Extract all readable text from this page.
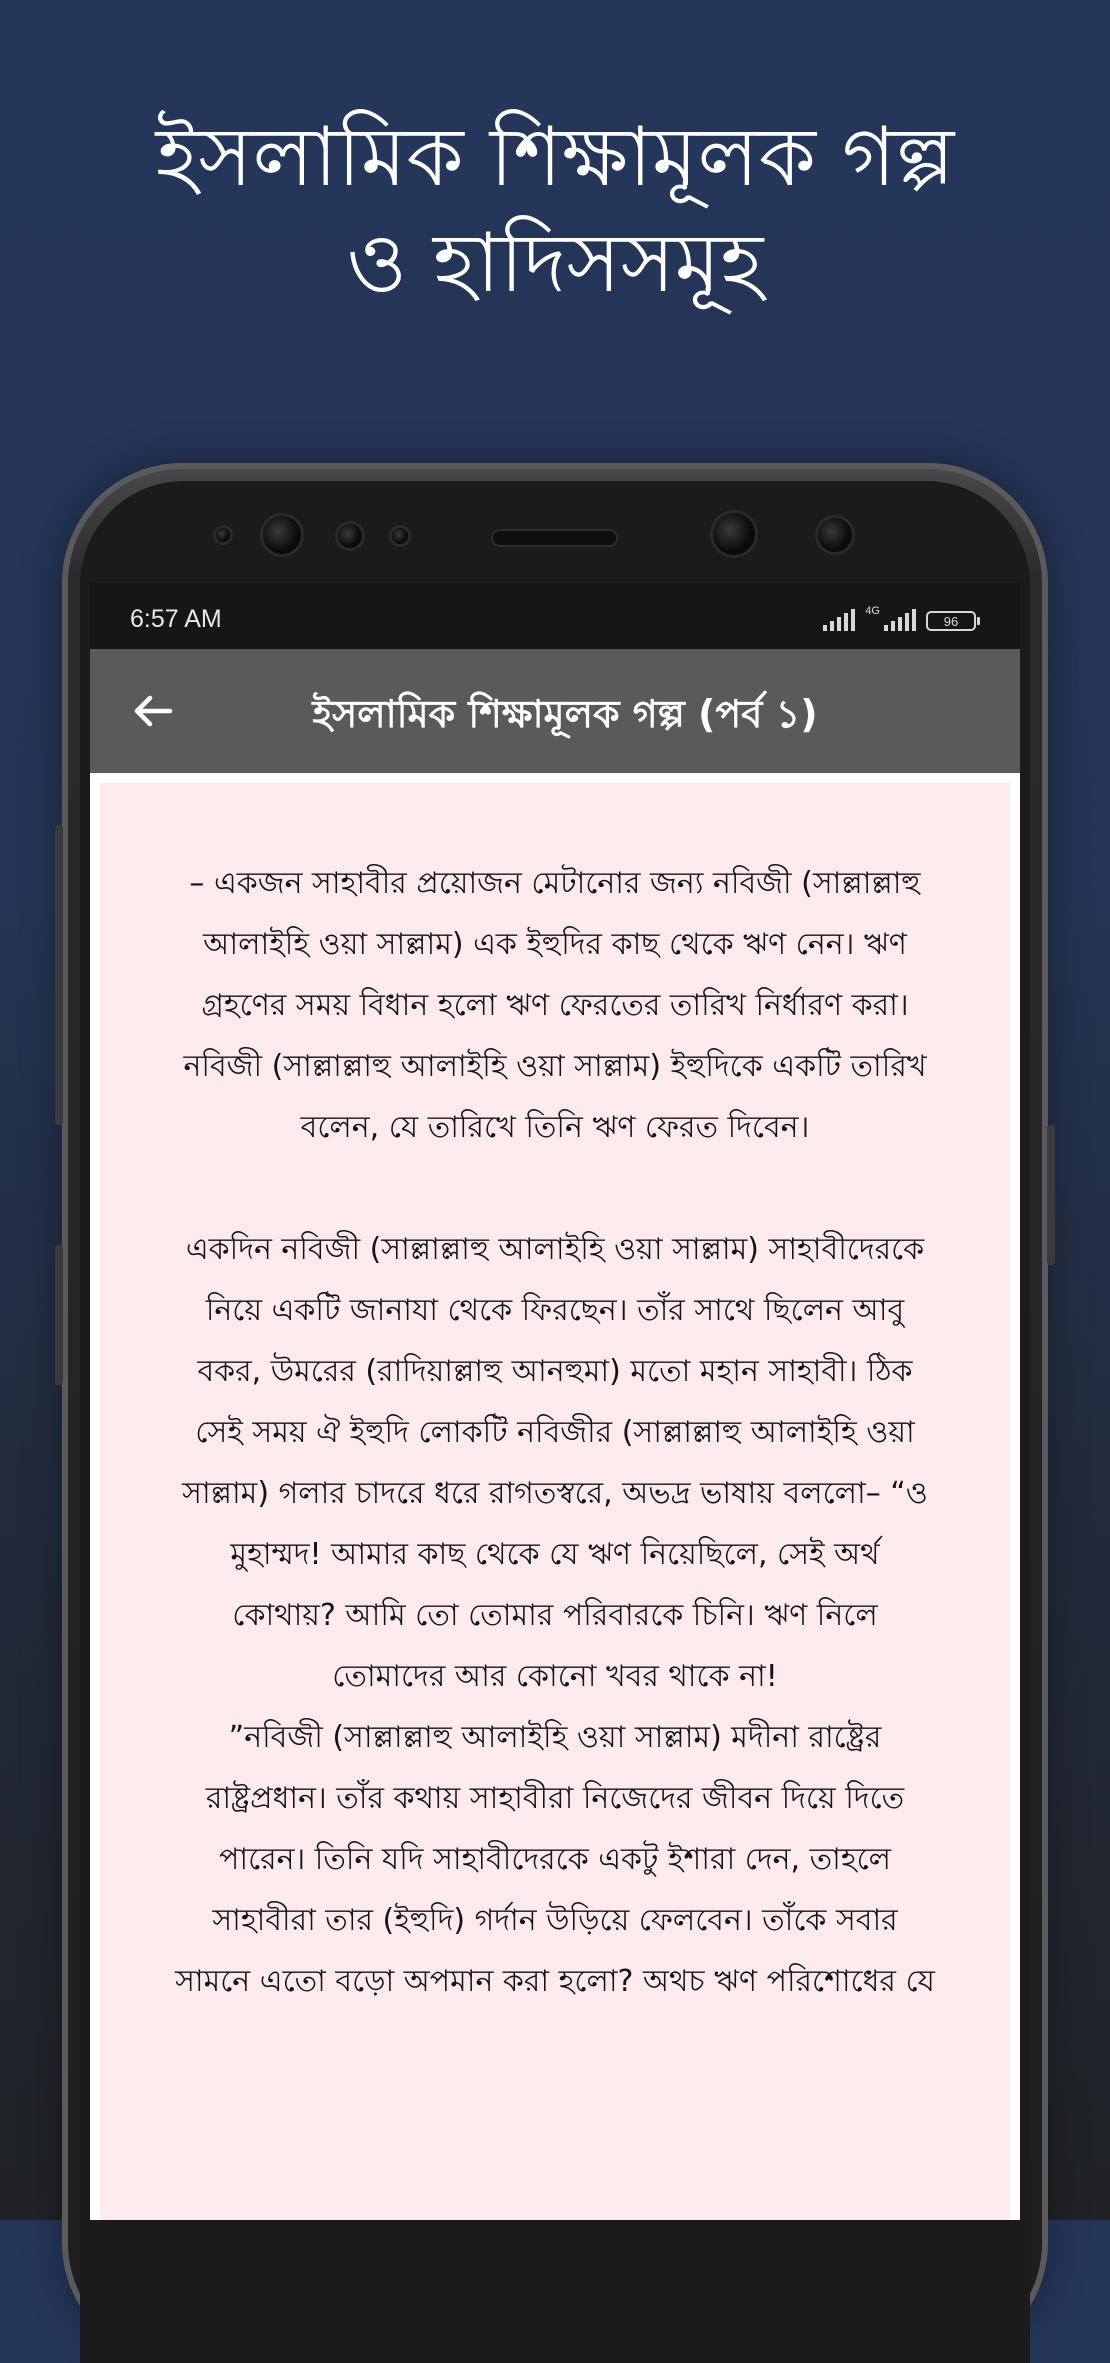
ইসলামিক শিক্ষামূলক গল্প
ও হাদিসসমূহ
6:57 AM	4G
96
ইসলামিক শিক্ষামূলক গল্প (পর্ব ১)

– একজন সাহাবীর প্রয়োজন মেটানোর জন্য নবিজী (সাল্লাল্লাহু আলাইহি ওয়া সাল্লাম) এক ইহুদির কাছ থেকে ঋণ নেন। ঋণ গ্রহণের সময় বিধান হলো ঋণ ফেরতের তারিখ নির্ধারণ করা। নবিজী (সাল্লাল্লাহু আলাইহি ওয়া সাল্লাম) ইহুদিকে একটি তারিখ বলেন, যে তারিখে তিনি ঋণ ফেরত দিবেন।

একদিন নবিজী (সাল্লাল্লাহু আলাইহি ওয়া সাল্লাম) সাহাবীদেরকে নিয়ে একটি জানাযা থেকে ফিরছেন। তাঁর সাথে ছিলেন আবু বকর, উমরের (রাদিয়াল্লাহু আনহুমা) মতো মহান সাহাবী। ঠিক সেই সময় ঐ ইহুদি লোকটি নবিজীর (সাল্লাল্লাহু আলাইহি ওয়া সাল্লাম) গলার চাদরে ধরে রাগতস্বরে, অভদ্র ভাষায় বললো– “ও মুহাম্মদ! আমার কাছ থেকে যে ঋণ নিয়েছিলে, সেই অর্থ কোথায়? আমি তো তোমার পরিবারকে চিনি। ঋণ নিলে তোমাদের আর কোনো খবর থাকে না!
”নবিজী (সাল্লাল্লাহু আলাইহি ওয়া সাল্লাম) মদীনা রাষ্ট্রের রাষ্ট্রপ্রধান। তাঁর কথায় সাহাবীরা নিজেদের জীবন দিয়ে দিতে পারেন। তিনি যদি সাহাবীদেরকে একটু ইশারা দেন, তাহলে সাহাবীরা তার (ইহুদি) গর্দান উড়িয়ে ফেলবেন। তাঁকে সবার সামনে এতো বড়ো অপমান করা হলো? অথচ ঋণ পরিশোধের যে
